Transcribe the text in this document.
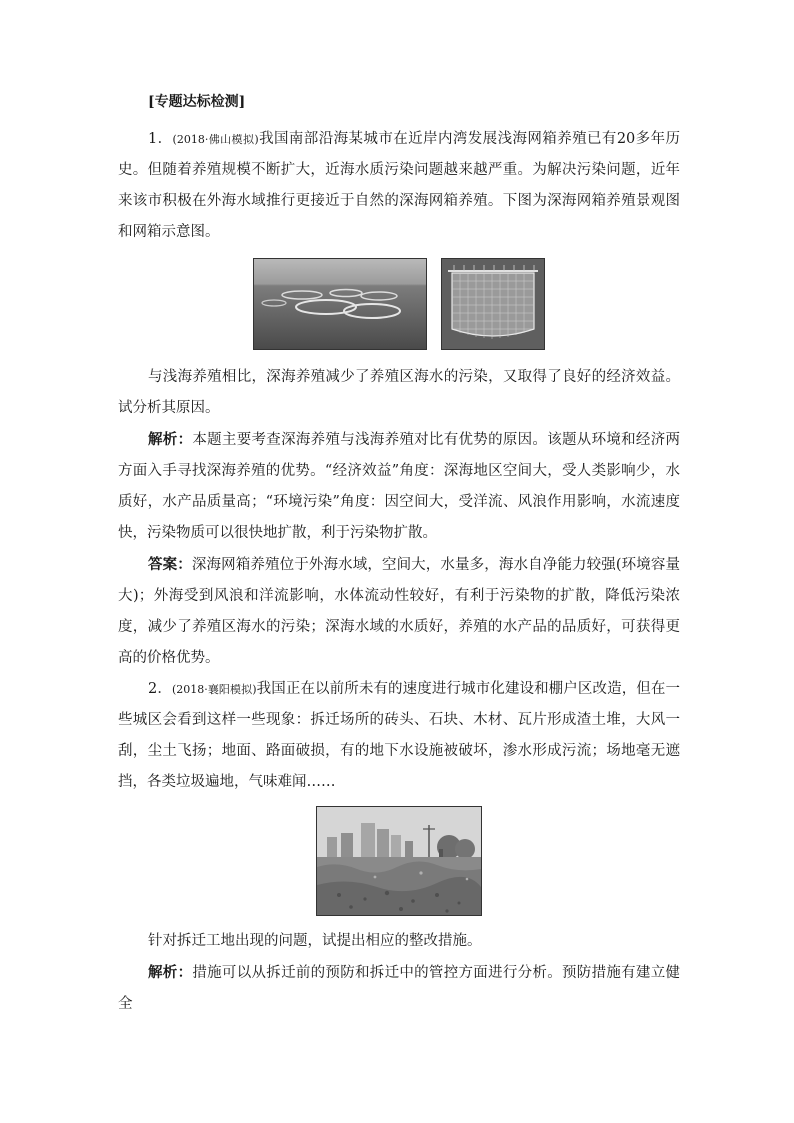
[专题达标检测]

1．(2018·佛山模拟)我国南部沿海某城市在近岸内湾发展浅海网箱养殖已有20多年历史。但随着养殖规模不断扩大，近海水质污染问题越来越严重。为解决污染问题，近年来该市积极在外海水域推行更接近于自然的深海网箱养殖。下图为深海网箱养殖景观图和网箱示意图。

与浅海养殖相比，深海养殖减少了养殖区海水的污染，又取得了良好的经济效益。试分析其原因。

解析：本题主要考查深海养殖与浅海养殖对比有优势的原因。该题从环境和经济两方面入手寻找深海养殖的优势。“经济效益”角度：深海地区空间大，受人类影响少，水质好，水产品质量高；“环境污染”角度：因空间大，受洋流、风浪作用影响，水流速度快，污染物质可以很快地扩散，利于污染物扩散。

答案：深海网箱养殖位于外海水域，空间大，水量多，海水自净能力较强(环境容量大)；外海受到风浪和洋流影响，水体流动性较好，有利于污染物的扩散，降低污染浓度，减少了养殖区海水的污染；深海水域的水质好，养殖的水产品的品质好，可获得更高的价格优势。

2．(2018·襄阳模拟)我国正在以前所未有的速度进行城市化建设和棚户区改造，但在一些城区会看到这样一些现象：拆迁场所的砖头、石块、木材、瓦片形成渣土堆，大风一刮，尘土飞扬；地面、路面破损，有的地下水设施被破坏，渗水形成污流；场地毫无遮挡，各类垃圾遍地，气味难闻……

针对拆迁工地出现的问题，试提出相应的整改措施。

解析：措施可以从拆迁前的预防和拆迁中的管控方面进行分析。预防措施有建立健全
